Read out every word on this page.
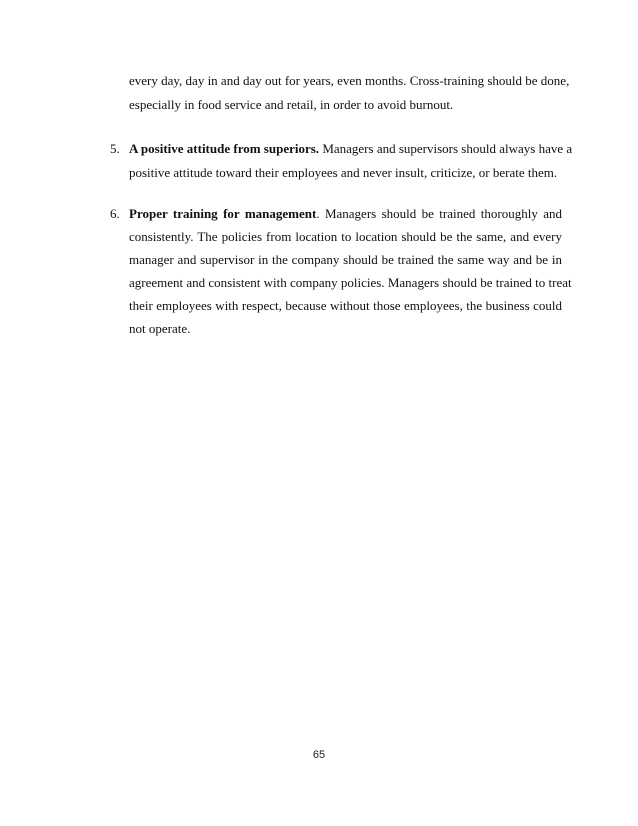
every day, day in and day out for years, even months. Cross-training should be done,
especially in food service and retail, in order to avoid burnout.
5. A positive attitude from superiors. Managers and supervisors should always have a
positive attitude toward their employees and never insult, criticize, or berate them.
6. Proper training for management. Managers should be trained thoroughly and
consistently. The policies from location to location should be the same, and every
manager and supervisor in the company should be trained the same way and be in
agreement and consistent with company policies. Managers should be trained to treat
their employees with respect, because without those employees, the business could
not operate.
65
